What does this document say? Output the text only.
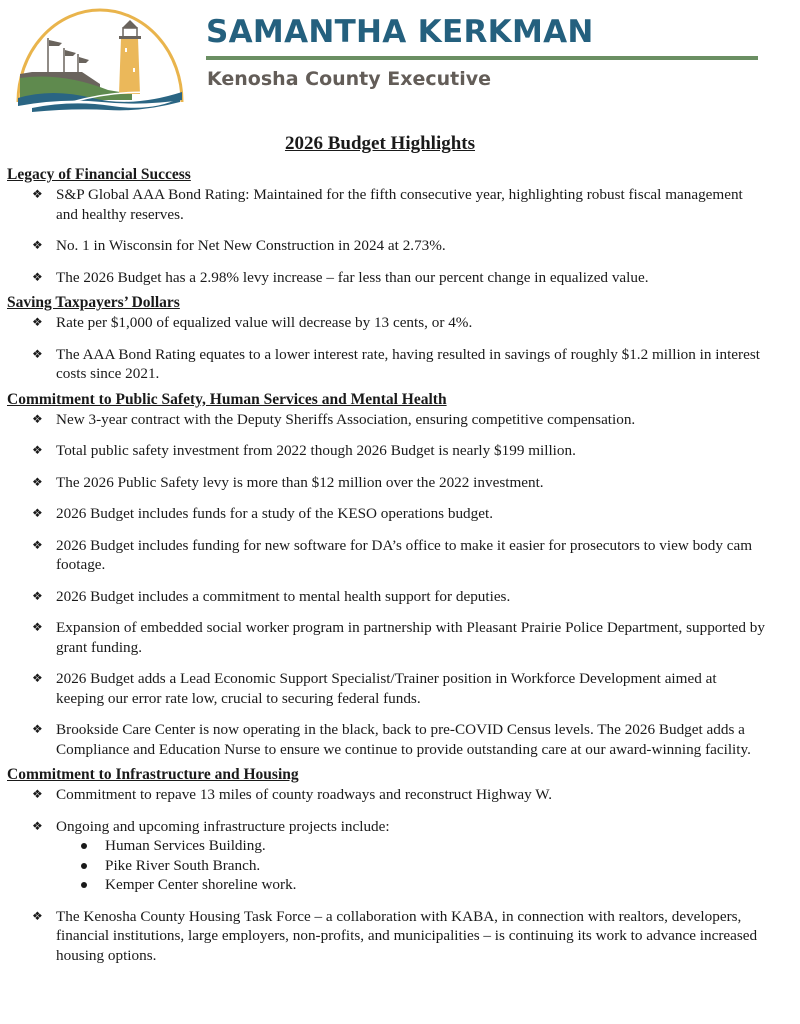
SAMANTHA KERKMAN
Kenosha County Executive
2026 Budget Highlights
Legacy of Financial Success
❖ S&P Global AAA Bond Rating: Maintained for the fifth consecutive year, highlighting robust fiscal management and healthy reserves.
❖ No. 1 in Wisconsin for Net New Construction in 2024 at 2.73%.
❖ The 2026 Budget has a 2.98% levy increase – far less than our percent change in equalized value.
Saving Taxpayers’ Dollars
❖ Rate per $1,000 of equalized value will decrease by 13 cents, or 4%.
❖ The AAA Bond Rating equates to a lower interest rate, having resulted in savings of roughly $1.2 million in interest costs since 2021.
Commitment to Public Safety, Human Services and Mental Health
❖ New 3-year contract with the Deputy Sheriffs Association, ensuring competitive compensation.
❖ Total public safety investment from 2022 though 2026 Budget is nearly $199 million.
❖ The 2026 Public Safety levy is more than $12 million over the 2022 investment.
❖ 2026 Budget includes funds for a study of the KESO operations budget.
❖ 2026 Budget includes funding for new software for DA’s office to make it easier for prosecutors to view body cam footage.
❖ 2026 Budget includes a commitment to mental health support for deputies.
❖ Expansion of embedded social worker program in partnership with Pleasant Prairie Police Department, supported by grant funding.
❖ 2026 Budget adds a Lead Economic Support Specialist/Trainer position in Workforce Development aimed at keeping our error rate low, crucial to securing federal funds.
❖ Brookside Care Center is now operating in the black, back to pre-COVID Census levels. The 2026 Budget adds a Compliance and Education Nurse to ensure we continue to provide outstanding care at our award-winning facility.
Commitment to Infrastructure and Housing
❖ Commitment to repave 13 miles of county roadways and reconstruct Highway W.
❖ Ongoing and upcoming infrastructure projects include:
Human Services Building.
Pike River South Branch.
Kemper Center shoreline work.
❖ The Kenosha County Housing Task Force – a collaboration with KABA, in connection with realtors, developers, financial institutions, large employers, non-profits, and municipalities – is continuing its work to advance increased housing options.
